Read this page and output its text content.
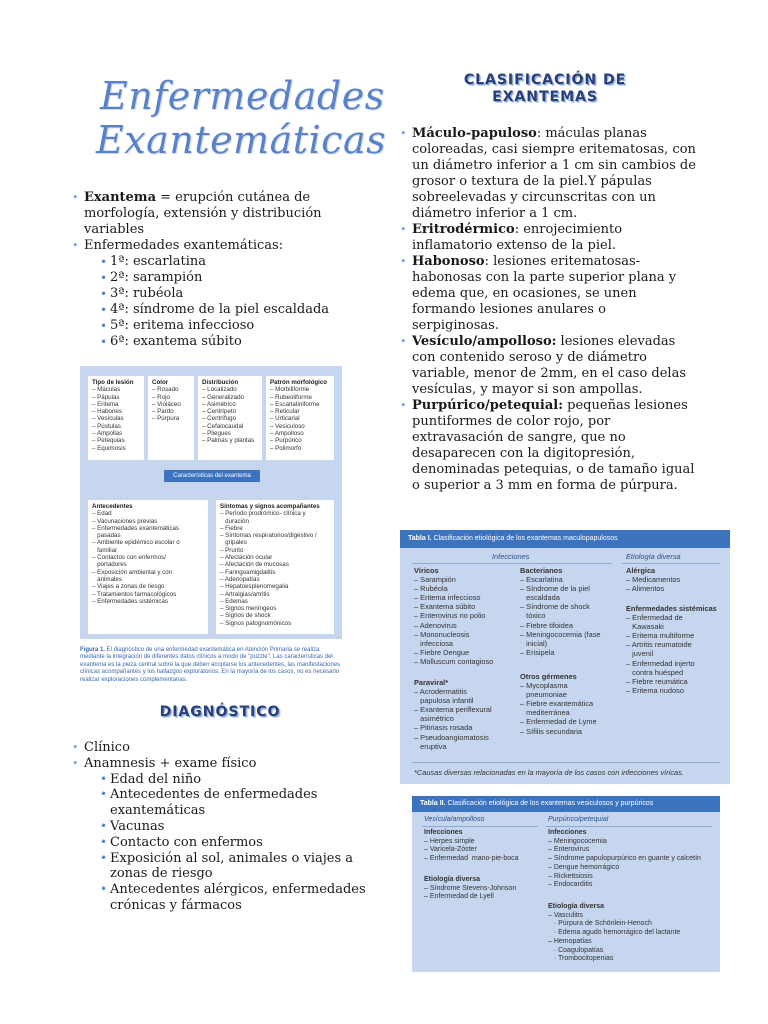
Enfermedades
Exantemáticas
• Exantema = erupción cutánea de morfología, extensión y distribución variables
• Enfermedades exantemáticas:
• 1ª: escarlatina
• 2ª: sarampión
• 3ª: rubéola
• 4ª: síndrome de la piel escaldada
• 5ª: eritema infeccioso
• 6ª: exantema súbito
Tipo de lesión
– Máculas
– Pápulas
– Eritema
– Habones
– Vesículas
– Pústulas
– Ampollas
– Petequias
– Equimosis
Color
– Rosado
– Rojo
– Violáceo
– Pardo
– Púrpura
Distribución
– Localizado
– Generalizado
– Asimétrico
– Centrípeto
– Centrífugo
– Cefalocaudal
– Pliegues
– Palmas y plantas
Patrón morfológico
– Morbiliforme
– Rubeoliforme
– Escarlatiniforme
– Reticular
– Urticarial
– Vesiculoso
– Ampolloso
– Purpúrico
– Polimorfo
Características del exantema
Antecedentes
– Edad
– Vacunaciones previas
– Enfermedades exantemáticas
pasadas
– Ambiente epidémico escolar o
familiar
– Contactos con enfermos/
portadores
– Exposición ambiental y con
animales
– Viajes a zonas de riesgo
– Tratamientos farmacológicos
– Enfermedades sistémicas
Síntomas y signos acompañantes
– Período prodrómico- clínica y
duración
– Fiebre
– Síntomas respiratorios/digestivo /
gripales
– Prurito
– Afectación ocular
– Afectación de mucosas
– Faringoamigdalitis
– Adenopatías
– Hepatoesplenomegalia
– Artralgias/artritis
– Edemas
– Signos meníngeos
– Signos de shock
– Signos patognomónicos
Figura 1. El diagnóstico de una enfermedad exantemática en Atención Primaria se realiza mediante la integración de diferentes datos clínicos a modo de "puzzle". Las características del exantema es la pieza central sobre la que deben acoplarse los antecedentes, las manifestaciones clínicas acompañantes y los hallazgos exploratorios. En la mayoría de los casos, no es necesario realizar exploraciones complementarias.
DIAGNÓSTICO
• Clínico
• Anamnesis + exame físico
• Edad del niño
• Antecedentes de enfermedades exantemáticas
• Vacunas
• Contacto con enfermos
• Exposición al sol, animales o viajes a zonas de riesgo
• Antecedentes alérgicos, enfermedades crónicas y fármacos
CLASIFICACIÓN DE
EXANTEMAS
• Máculo-papuloso: máculas planas coloreadas, casi siempre eritematosas, con un diámetro inferior a 1 cm sin cambios de grosor o textura de la piel.Y pápulas sobreelevadas y circunscritas con un diámetro inferior a 1 cm.
• Eritrodérmico: enrojecimiento inflamatorio extenso de la piel.
• Habonoso: lesiones eritematosas-habonosas con la parte superior plana y edema que, en ocasiones, se unen formando lesiones anulares o serpiginosas.
• Vesículo/ampolloso: lesiones elevadas con contenido seroso y de diámetro variable, menor de 2mm, en el caso delas vesículas, y mayor si son ampollas.
• Purpúrico/petequial: pequeñas lesiones puntiformes de color rojo, por extravasación de sangre, que no desaparecen con la digitopresión, denominadas petequias, o de tamaño igual o superior a 3 mm en forma de púrpura.
Tabla I. Clasificación etiológica de los exantemas maculopapulosos
Infecciones	Etiología diversa
Víricos
– Sarampión
– Rubéola
– Eritema infeccioso
– Exantema súbito
– Enterovirus no polio
– Adenovirus
– Mononucleosis
infecciosa
– Fiebre Dengue
– Molluscum contagioso
Paraviral*
– Acrodermatitis
papulosa infantil
– Exantema periflexural
asimétrico
– Pitiriasis rosada
– Pseudoangiomatosis
eruptiva
Bacterianos
– Escarlatina
– Síndrome de la piel
escaldada
– Síndrome de shock
tóxico
– Fiebre tifoidea
– Meningococemia (fase
inicial)
– Erisipela
Otros gérmenes
– Mycoplasma
pneumoniae
– Fiebre exantemática
mediterránea
– Enfermedad de Lyme
– Sífilis secundaria
Alérgica
– Medicamentos
– Alimentos
Enfermedades sistémicas
– Enfermedad de
Kawasaki
– Eritema multiforme
– Artritis reumatoide
juvenil
– Enfermedad injerto
contra huésped
– Fiebre reumática
– Eritema nudoso
*Causas diversas relacionadas en la mayoría de los casos con infecciones víricas.
Tabla II. Clasificación etiológica de los exantemas vesiculosos y purpúricos
Vesícula/ampolloso	Purpúrico/petequial
Infecciones
– Herpes simple
– Varicela-Zóster
– Enfermedad  mano-pie-boca
Etiología diversa
– Síndrome Stevens-Johnson
– Enfermedad de Lyell
Infecciones
– Meningococemia
– Enterovirus
– Síndrome papulopurpúrico en guante y calcetín
– Dengue hemorrágico
– Rickettsiosis
– Endocarditis
Etiología diversa
– Vasculitis
· Púrpura de Schönlein-Henoch
· Edema agudo hemorrágico del lactante
– Hemopatías
· Coagulopatías
· Trombocitopenias
